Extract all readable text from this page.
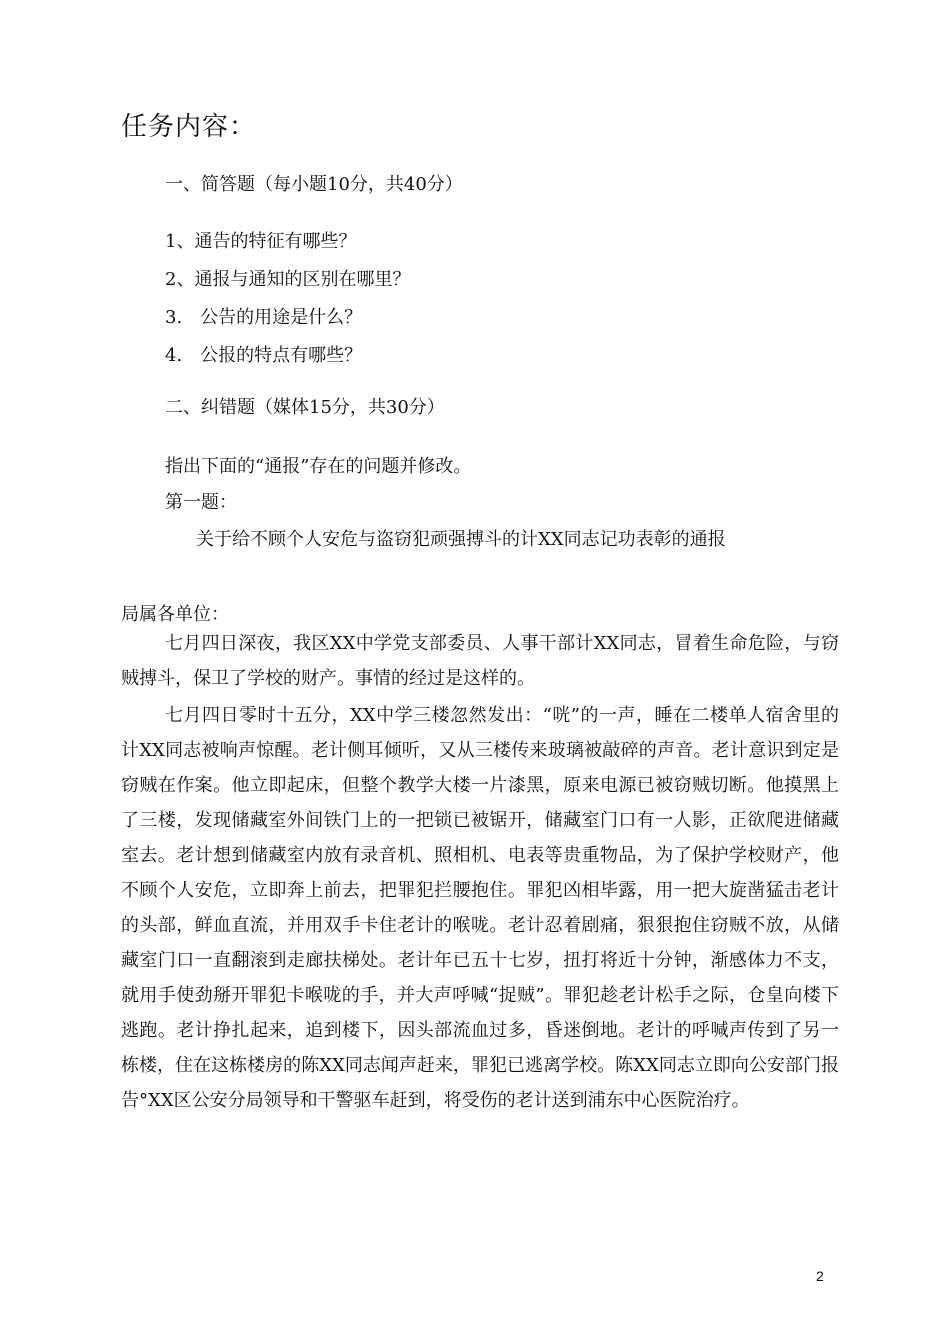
任务内容：
一、简答题（每小题10分，共40分）
1、通告的特征有哪些？
2、通报与通知的区别在哪里？
3.　公告的用途是什么？
4.　公报的特点有哪些？
二、纠错题（媒体15分，共30分）
指出下面的“通报”存在的问题并修改。
第一题：
关于给不顾个人安危与盗窃犯顽强搏斗的计XX同志记功表彰的通报
局属各单位：
七月四日深夜，我区XX中学党支部委员、人事干部计XX同志，冒着生命危险，与窃贼搏斗，保卫了学校的财产。事情的经过是这样的。
七月四日零时十五分，XX中学三楼忽然发出：“咣”的一声，睡在二楼单人宿舍里的计XX同志被响声惊醒。老计侧耳倾听，又从三楼传来玻璃被敲碎的声音。老计意识到定是窃贼在作案。他立即起床，但整个教学大楼一片漆黑，原来电源已被窃贼切断。他摸黑上了三楼，发现储藏室外间铁门上的一把锁已被锯开，储藏室门口有一人影，正欲爬进储藏室去。老计想到储藏室内放有录音机、照相机、电表等贵重物品，为了保护学校财产，他不顾个人安危，立即奔上前去，把罪犯拦腰抱住。罪犯凶相毕露，用一把大旋凿猛击老计的头部，鲜血直流，并用双手卡住老计的喉咙。老计忍着剧痛，狠狠抱住窃贼不放，从储藏室门口一直翻滚到走廊扶梯处。老计年已五十七岁，扭打将近十分钟，渐感体力不支，就用手使劲掰开罪犯卡喉咙的手，并大声呼喊“捉贼”。罪犯趁老计松手之际，仓皇向楼下逃跑。老计挣扎起来，追到楼下，因头部流血过多，昏迷倒地。老计的呼喊声传到了另一栋楼，住在这栋楼房的陈XX同志闻声赶来，罪犯已逃离学校。陈XX同志立即向公安部门报告°XX区公安分局领导和干警驱车赶到，将受伤的老计送到浦东中心医院治疗。
2
